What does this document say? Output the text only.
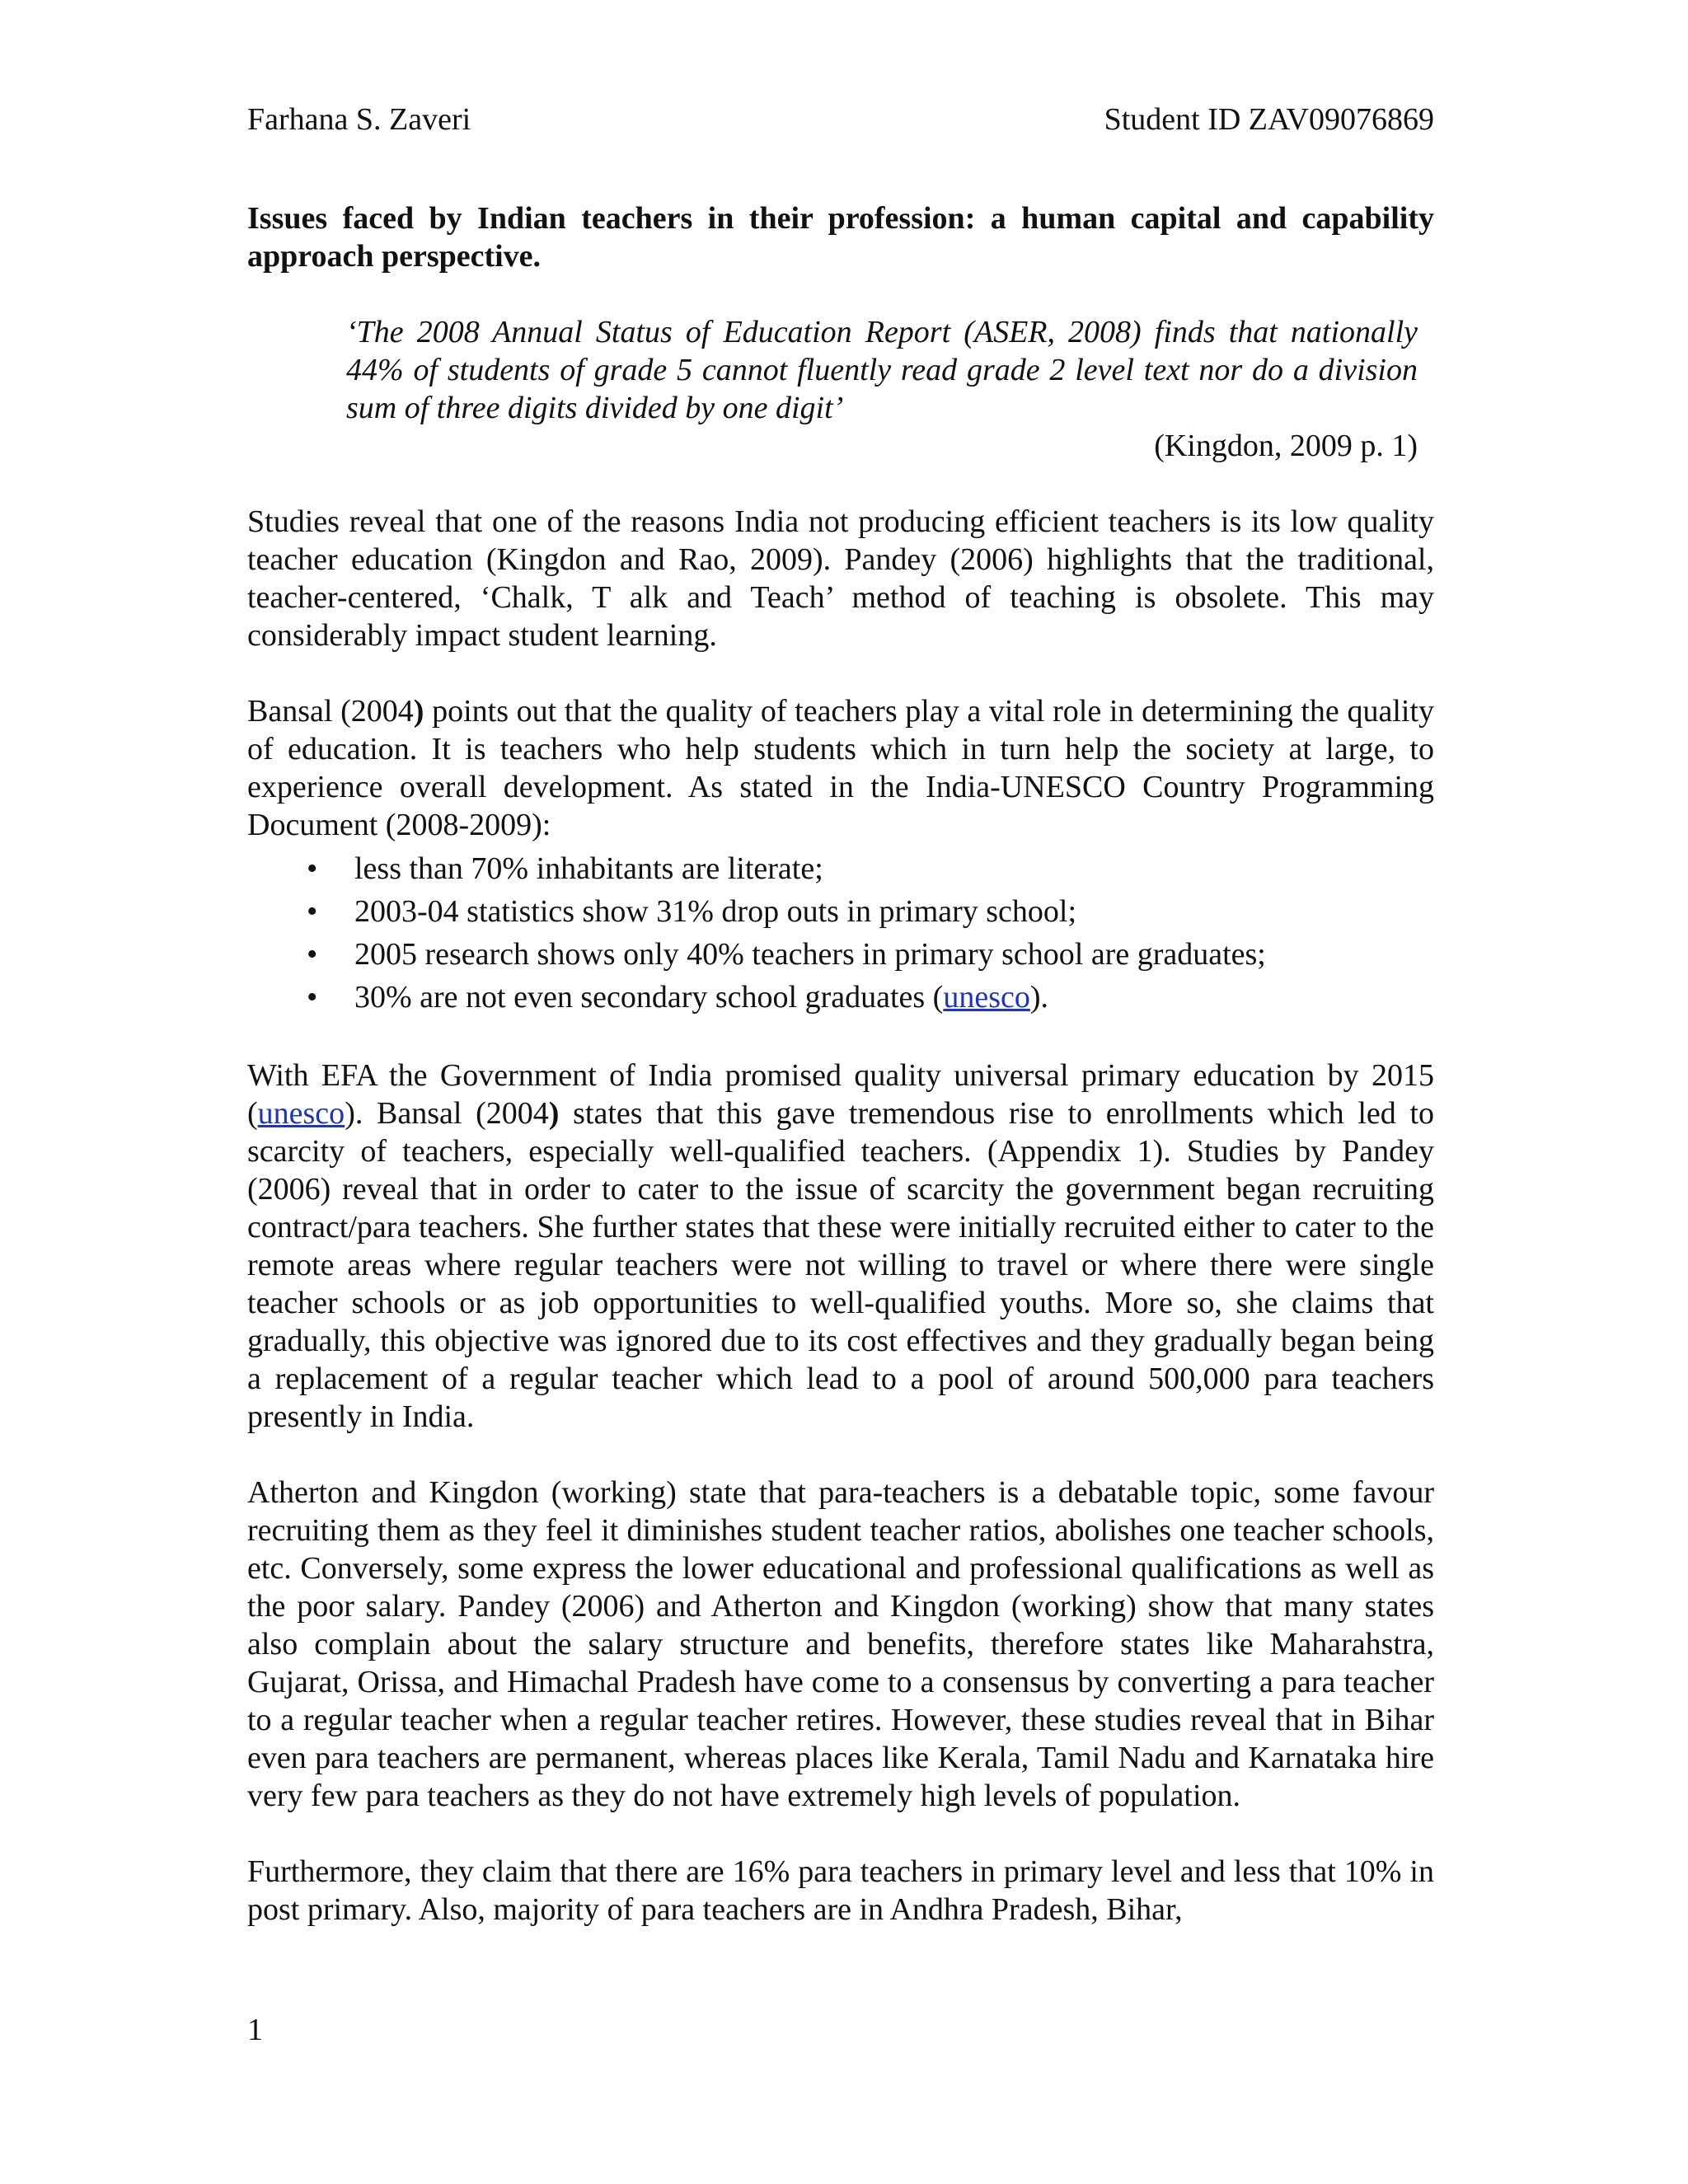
Farhana S. Zaveri	Student ID ZAV09076869

Issues faced by Indian teachers in their profession: a human capital and capability approach perspective.

‘The 2008 Annual Status of Education Report (ASER, 2008) finds that nationally 44% of students of grade 5 cannot fluently read grade 2 level text nor do a division sum of three digits divided by one digit’

(Kingdon, 2009 p. 1)

Studies reveal that one of the reasons India not producing efficient teachers is its low quality teacher education (Kingdon and Rao, 2009). Pandey (2006) highlights that the traditional, teacher-centered, ‘Chalk, T alk and Teach’ method of teaching is obsolete. This may considerably impact student learning.

Bansal (2004) points out that the quality of teachers play a vital role in determining the quality of education. It is teachers who help students which in turn help the society at large, to experience overall development. As stated in the India-UNESCO Country Programming Document (2008-2009):

• less than 70% inhabitants are literate;
• 2003-04 statistics show 31% drop outs in primary school;
• 2005 research shows only 40% teachers in primary school are graduates;
• 30% are not even secondary school graduates (unesco).

With EFA the Government of India promised quality universal primary education by 2015 (unesco). Bansal (2004) states that this gave tremendous rise to enrollments which led to scarcity of teachers, especially well-qualified teachers. (Appendix 1). Studies by Pandey (2006) reveal that in order to cater to the issue of scarcity the government began recruiting contract/para teachers. She further states that these were initially recruited either to cater to the remote areas where regular teachers were not willing to travel or where there were single teacher schools or as job opportunities to well-qualified youths. More so, she claims that gradually, this objective was ignored due to its cost effectives and they gradually began being a replacement of a regular teacher which lead to a pool of around 500,000 para teachers presently in India.

Atherton and Kingdon (working) state that para-teachers is a debatable topic, some favour recruiting them as they feel it diminishes student teacher ratios, abolishes one teacher schools, etc. Conversely, some express the lower educational and professional qualifications as well as the poor salary. Pandey (2006) and Atherton and Kingdon (working) show that many states also complain about the salary structure and benefits, therefore states like Maharahstra, Gujarat, Orissa, and Himachal Pradesh have come to a consensus by converting a para teacher to a regular teacher when a regular teacher retires. However, these studies reveal that in Bihar even para teachers are permanent, whereas places like Kerala, Tamil Nadu and Karnataka hire very few para teachers as they do not have extremely high levels of population.

Furthermore, they claim that there are 16% para teachers in primary level and less that 10% in post primary. Also, majority of para teachers are in Andhra Pradesh, Bihar,

1
